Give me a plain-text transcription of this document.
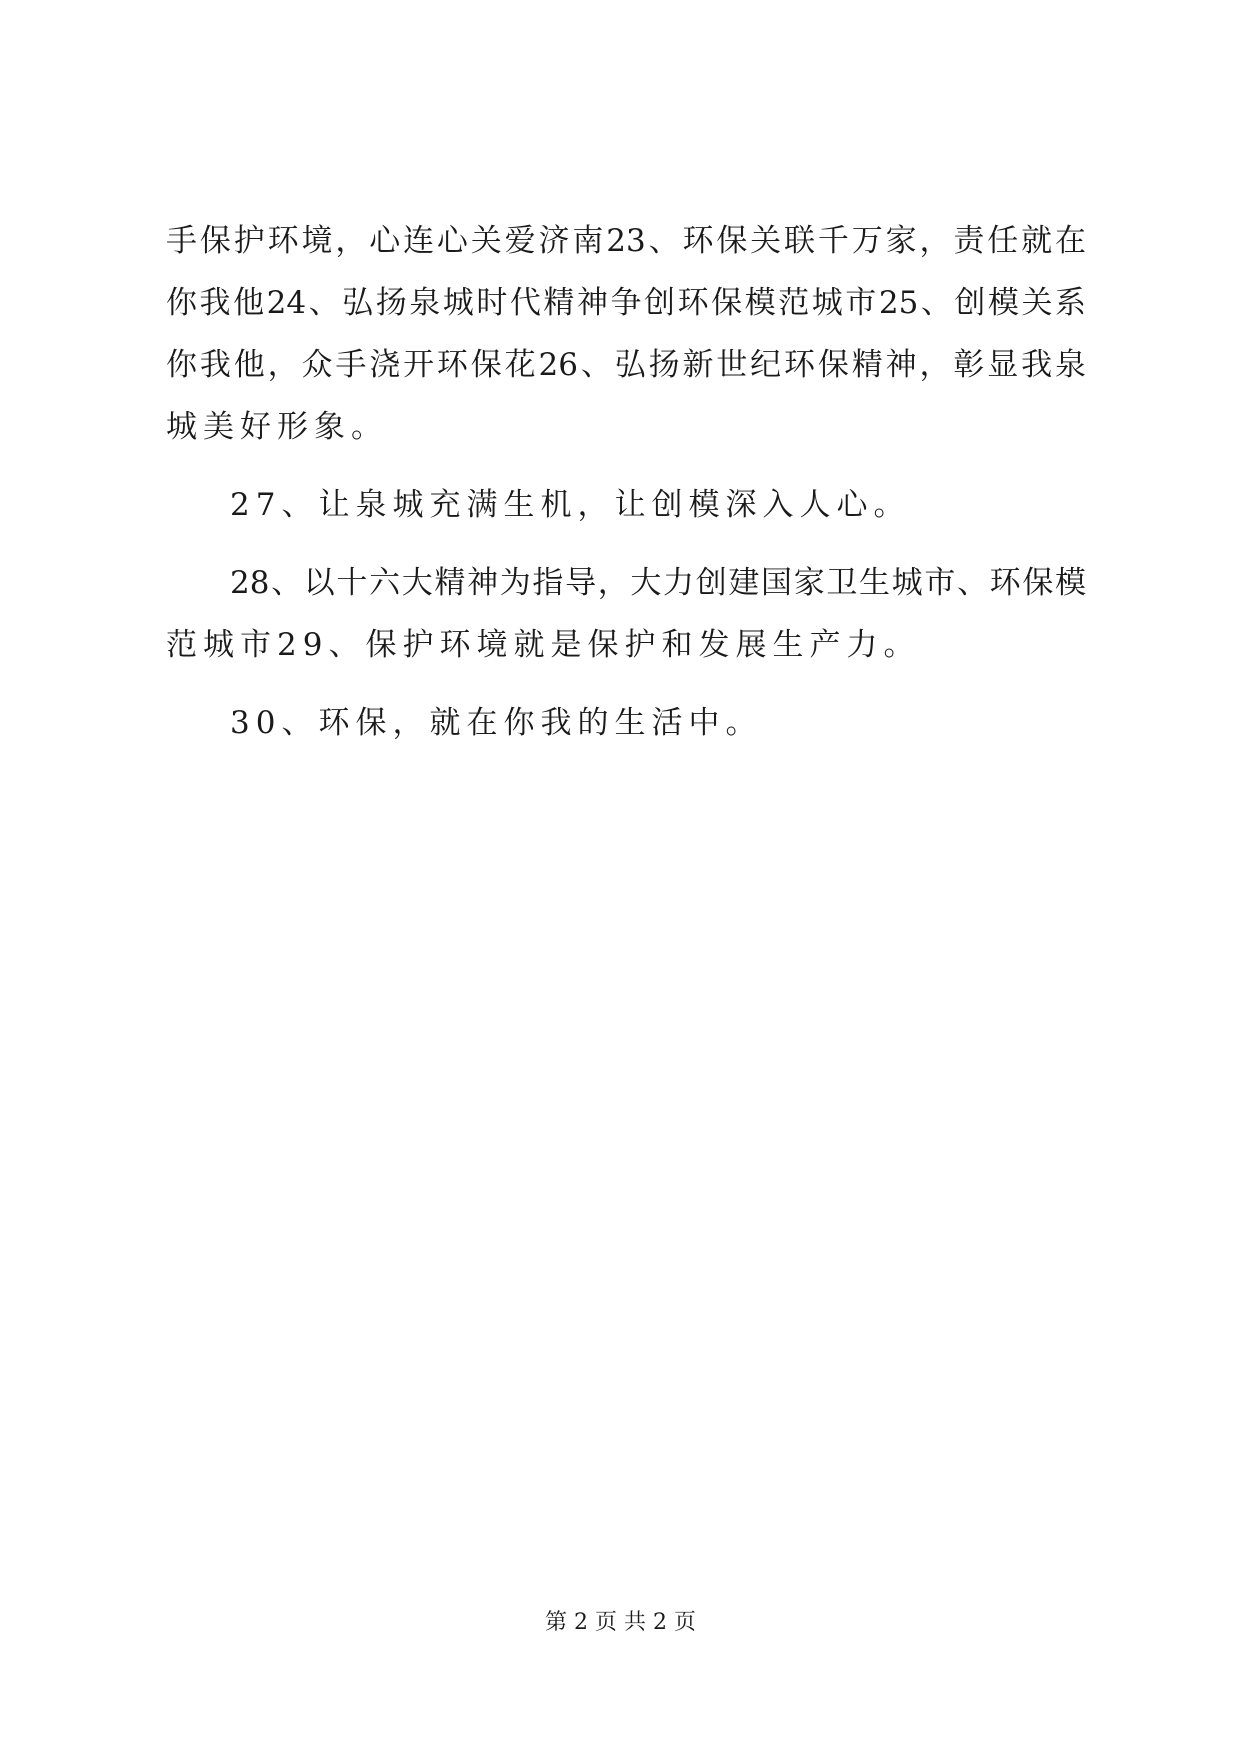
手保护环境，心连心关爱济南23、环保关联千万家，责任就在
你我他24、弘扬泉城时代精神争创环保模范城市25、创模关系
你我他，众手浇开环保花26、弘扬新世纪环保精神，彰显我泉
城美好形象。
27、让泉城充满生机，让创模深入人心。
28、以十六大精神为指导，大力创建国家卫生城市、环保模
范城市29、保护环境就是保护和发展生产力。
30、环保，就在你我的生活中。
第 2 页 共 2 页
